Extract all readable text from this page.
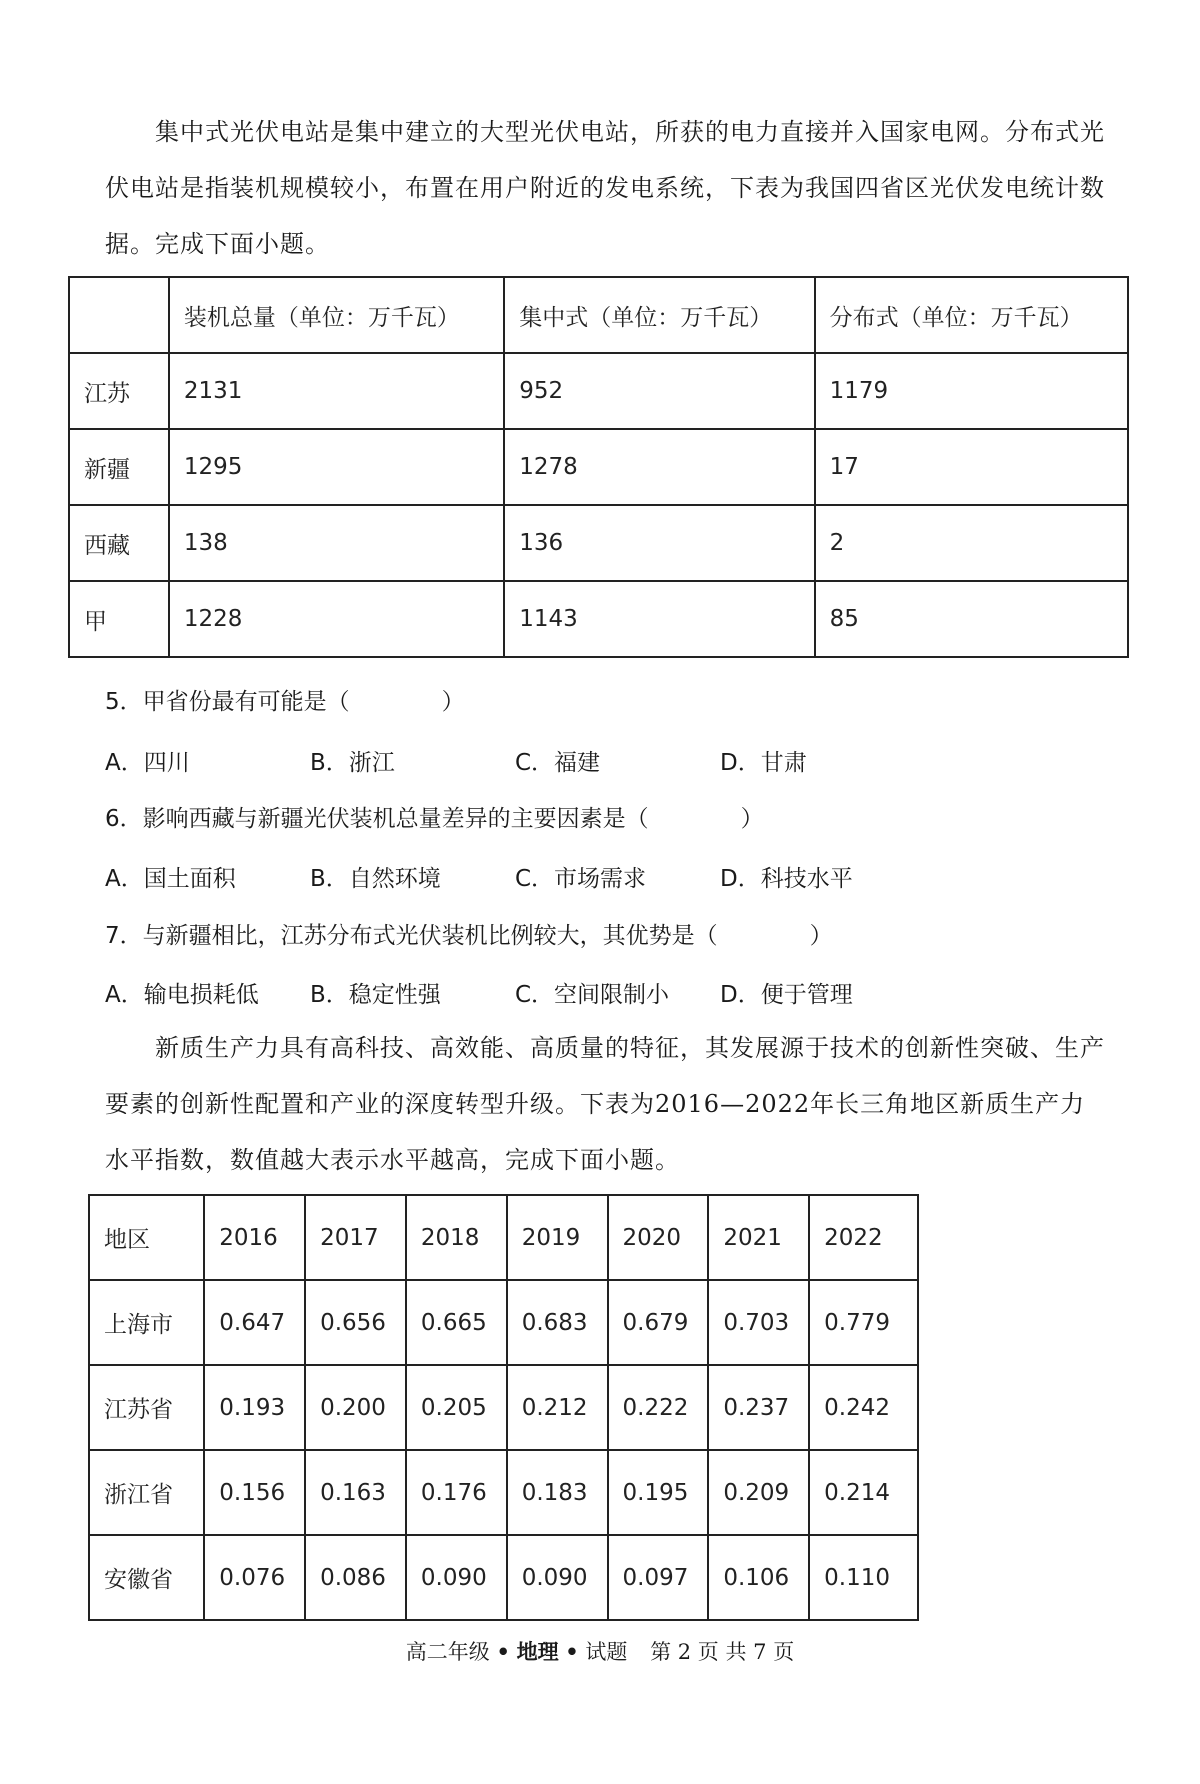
集中式光伏电站是集中建立的大型光伏电站，所获的电力直接并入国家电网。分布式光伏电站是指装机规模较小，布置在用户附近的发电系统，下表为我国四省区光伏发电统计数据。完成下面小题。

	装机总量（单位：万千瓦）	集中式（单位：万千瓦）	分布式（单位：万千瓦）
江苏	2131	952	1179
新疆	1295	1278	17
西藏	138	136	2
甲	1228	1143	85

5．甲省份最有可能是（　　　　）

A．四川	B．浙江	C．福建	D．甘肃

6．影响西藏与新疆光伏装机总量差异的主要因素是（　　　　）

A．国土面积	B．自然环境	C．市场需求	D．科技水平

7．与新疆相比，江苏分布式光伏装机比例较大，其优势是（　　　　）

A．输电损耗低 B．稳定性强	C．空间限制小 D．便于管理

新质生产力具有高科技、高效能、高质量的特征，其发展源于技术的创新性突破、生产要素的创新性配置和产业的深度转型升级。下表为2016—2022年长三角地区新质生产力水平指数，数值越大表示水平越高，完成下面小题。

地区	2016	2017	2018	2019	2020	2021	2022
上海市	0.647	0.656	0.665	0.683	0.679	0.703	0.779
江苏省	0.193	0.200	0.205	0.212	0.222	0.237	0.242
浙江省	0.156	0.163	0.176	0.183	0.195	0.209	0.214
安徽省	0.076	0.086	0.090	0.090	0.097	0.106	0.110
高二年级 • 地理 • 试题 第 2 页 共 7 页
